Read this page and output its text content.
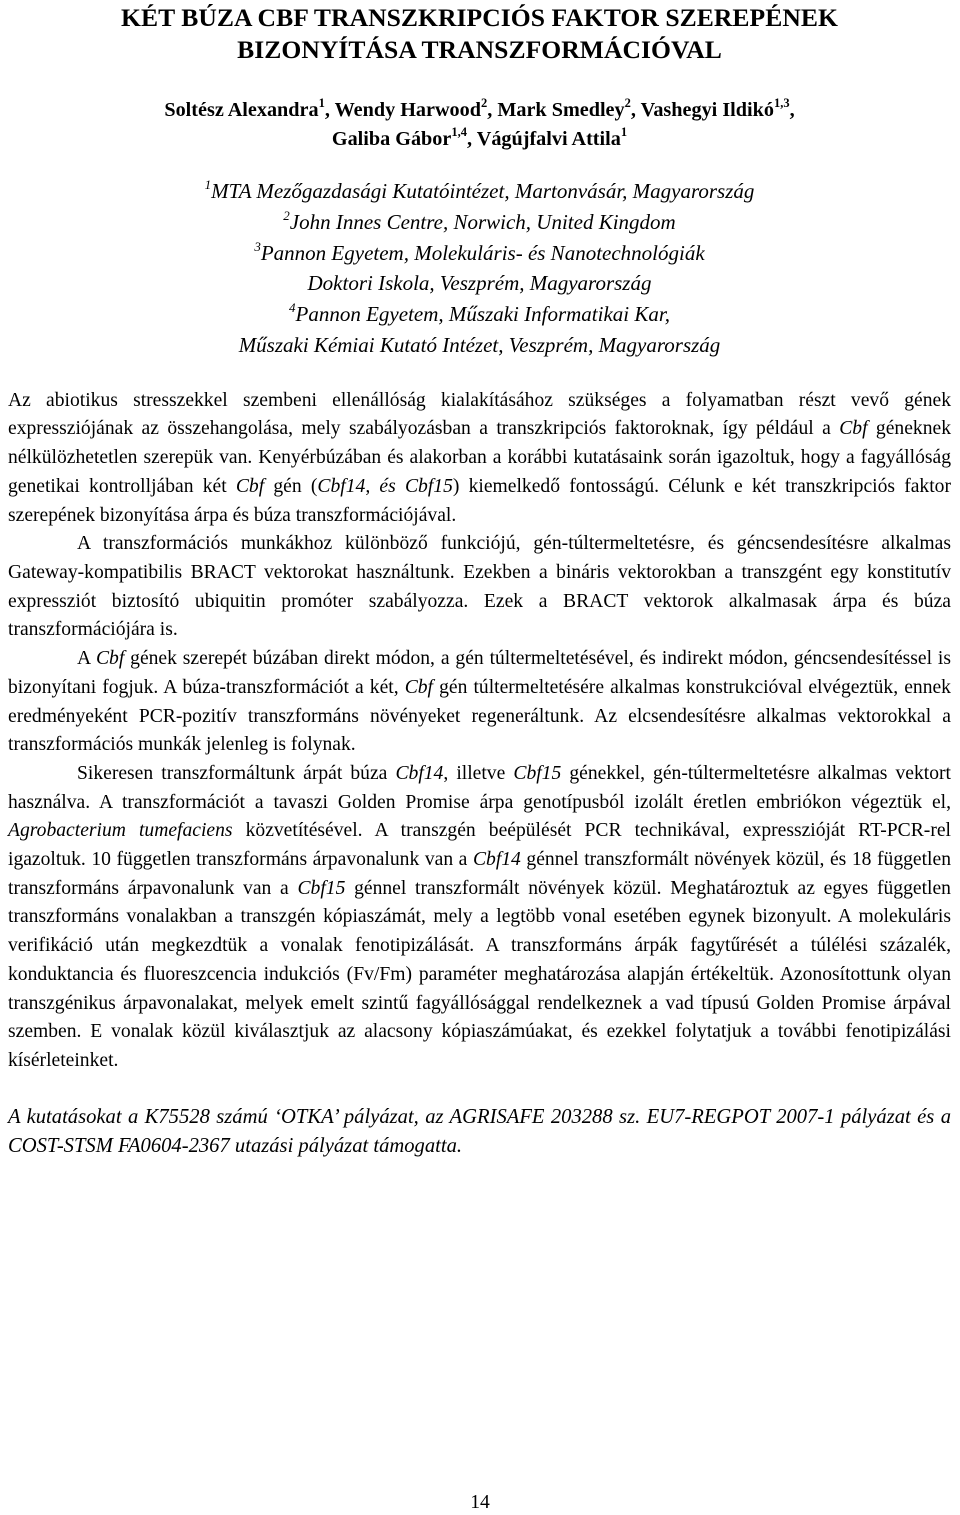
KÉT BÚZA CBF TRANSZKRIPCIÓS FAKTOR SZEREPÉNEK
BIZONYÍTÁSA TRANSZFORMÁCIÓVAL
Soltész Alexandra$^1$, Wendy Harwood$^2$, Mark Smedley$^2$, Vashegyi Ildikó$^{1,3}$,
Galiba Gábor$^{1,4}$, Vágújfalvi Attila$^1$
$^1$MTA Mezőgazdasági Kutatóintézet, Martonvásár, Magyarország
$^2$John Innes Centre, Norwich, United Kingdom
$^3$Pannon Egyetem, Molekuláris- és Nanotechnológiák
Doktori Iskola, Veszprém, Magyarország
$^4$Pannon Egyetem, Műszaki Informatikai Kar,
Műszaki Kémiai Kutató Intézet, Veszprém, Magyarország

Az abiotikus stresszekkel szembeni ellenállóság kialakításához szükséges a folyamatban részt vevő gének expressziójának az összehangolása, mely szabályozásban a transzkripciós faktoroknak, így például a Cbf géneknek nélkülözhetetlen szerepük van. Kenyérbúzában és alakorban a korábbi kutatásaink során igazoltuk, hogy a fagyállóság genetikai kontrolljában két Cbf gén (Cbf14, és Cbf15) kiemelkedő fontosságú. Célunk e két transzkripciós faktor szerepének bizonyítása árpa és búza transzformációjával.

A transzformációs munkákhoz különböző funkciójú, gén-túltermeltetésre, és géncsendesítésre alkalmas Gateway-kompatibilis BRACT vektorokat használtunk. Ezekben a bináris vektorokban a transzgént egy konstitutív expressziót biztosító ubiquitin promóter szabályozza. Ezek a BRACT vektorok alkalmasak árpa és búza transzformációjára is.

A Cbf gének szerepét búzában direkt módon, a gén túltermeltetésével, és indirekt módon, géncsendesítéssel is bizonyítani fogjuk. A búza-transzformációt a két, Cbf gén túltermeltetésére alkalmas konstrukcióval elvégeztük, ennek eredményeként PCR-pozitív transzformáns növényeket regeneráltunk. Az elcsendesítésre alkalmas vektorokkal a transzformációs munkák jelenleg is folynak.

Sikeresen transzformáltunk árpát búza Cbf14, illetve Cbf15 génekkel, gén-túltermeltetésre alkalmas vektort használva. A transzformációt a tavaszi Golden Promise árpa genotípusból izolált éretlen embriókon végeztük el, Agrobacterium tumefaciens közvetítésével. A transzgén beépülését PCR technikával, expresszióját RT-PCR-rel igazoltuk. 10 független transzformáns árpavonalunk van a Cbf14 génnel transzformált növények közül, és 18 független transzformáns árpavonalunk van a Cbf15 génnel transzformált növények közül. Meghatároztuk az egyes független transzformáns vonalakban a transzgén kópiaszámát, mely a legtöbb vonal esetében egynek bizonyult. A molekuláris verifikáció után megkezdtük a vonalak fenotipizálását. A transzformáns árpák fagytűrését a túlélési százalék, konduktancia és fluoreszcencia indukciós (Fv/Fm) paraméter meghatározása alapján értékeltük. Azonosítottunk olyan transzgénikus árpavonalakat, melyek emelt szintű fagyállósággal rendelkeznek a vad típusú Golden Promise árpával szemben. E vonalak közül kiválasztjuk az alacsony kópiaszámúakat, és ezekkel folytatjuk a további fenotipizálási kísérleteinket.

A kutatásokat a K75528 számú ‘OTKA’ pályázat, az AGRISAFE 203288 sz. EU7-REGPOT 2007-1 pályázat és a COST-STSM FA0604-2367 utazási pályázat támogatta.

14
